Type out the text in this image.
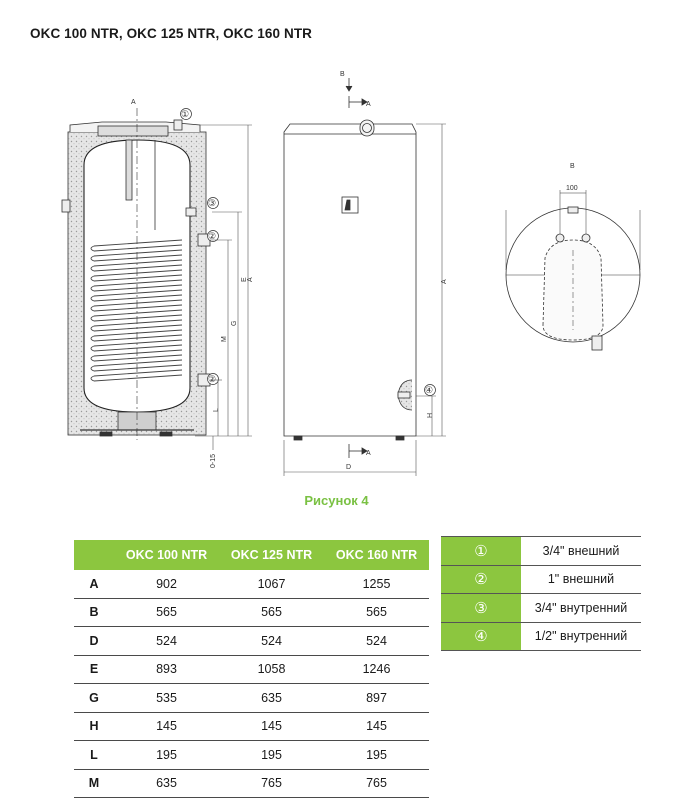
OKC 100 NTR, OKC 125 NTR, OKC 160 NTR
A
①
③
②
②
A
E
G
M
L
0-15
B
A
A
A
H
D
④
B
100
Рисунок 4
	OKC 100 NTR	OKC 125 NTR	OKC 160 NTR
A	902	1067	1255
B	565	565	565
D	524	524	524
E	893	1058	1246
G	535	635	897
H	145	145	145
L	195	195	195
M	635	765	765
①	3/4" внешний
②	1" внешний
③	3/4" внутренний
④	1/2" внутренний
